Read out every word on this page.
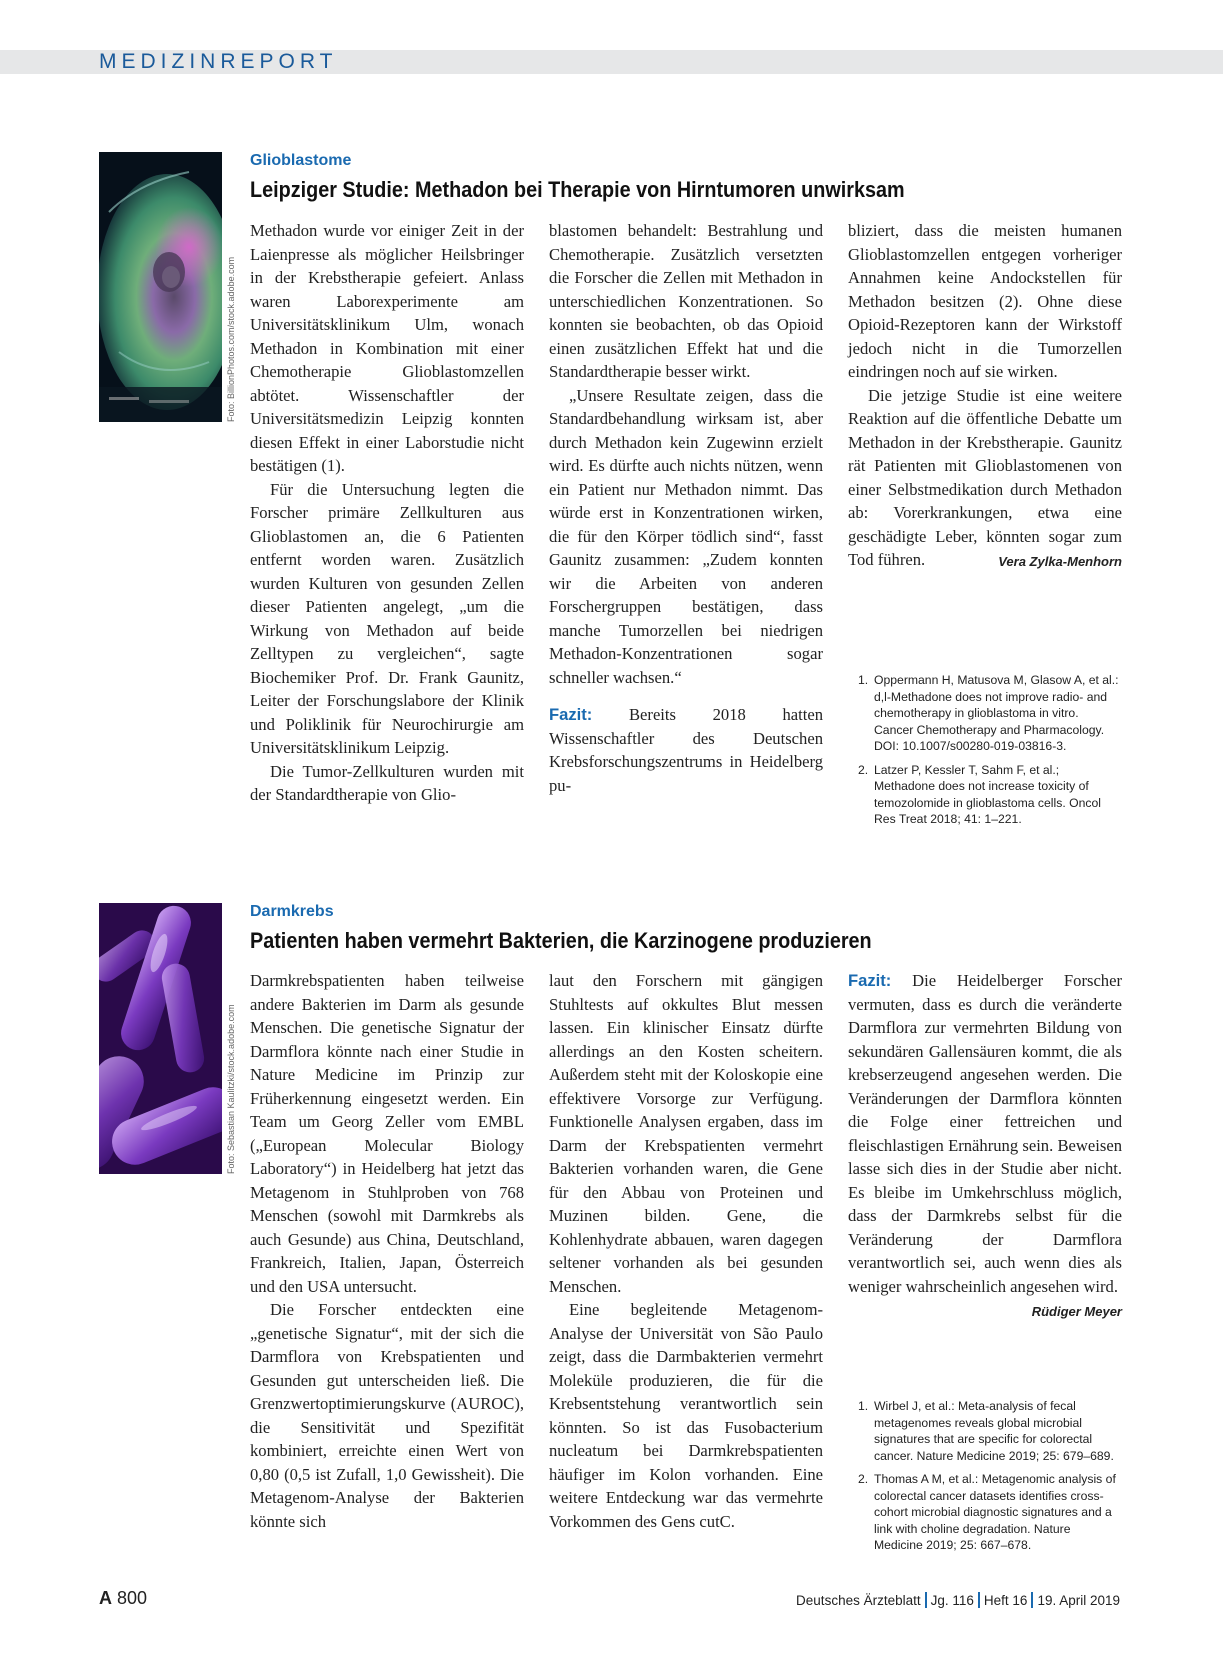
MEDIZINREPORT
Foto: BillionPhotos.com/stock.adobe.com
Glioblastome
Leipziger Studie: Methadon bei Therapie von Hirntumoren unwirksam

Methadon wurde vor einiger Zeit in der Laienpresse als möglicher Heilsbringer in der Krebstherapie gefeiert. Anlass waren Laborexperimente am Universitätsklinikum Ulm, wonach Methadon in Kombination mit einer Chemotherapie Glioblastomzellen abtötet. Wissenschaftler der Universitätsmedizin Leipzig konnten diesen Effekt in einer Laborstudie nicht bestätigen (1).

Für die Untersuchung legten die Forscher primäre Zellkulturen aus Glioblastomen an, die 6 Patienten entfernt worden waren. Zusätzlich wurden Kulturen von gesunden Zellen dieser Patienten angelegt, „um die Wirkung von Methadon auf beide Zelltypen zu vergleichen“, sagte Biochemiker Prof. Dr. Frank Gaunitz, Leiter der Forschungslabore der Klinik und Poliklinik für Neurochirurgie am Universitätsklinikum Leipzig.

Die Tumor-Zellkulturen wurden mit der Standardtherapie von Glio-

blastomen behandelt: Bestrahlung und Chemotherapie. Zusätzlich versetzten die Forscher die Zellen mit Methadon in unterschiedlichen Konzentrationen. So konnten sie beobachten, ob das Opioid einen zusätzlichen Effekt hat und die Standardtherapie besser wirkt.

„Unsere Resultate zeigen, dass die Standardbehandlung wirksam ist, aber durch Methadon kein Zugewinn erzielt wird. Es dürfte auch nichts nützen, wenn ein Patient nur Methadon nimmt. Das würde erst in Konzentrationen wirken, die für den Körper tödlich sind“, fasst Gaunitz zusammen: „Zudem konnten wir die Arbeiten von anderen Forschergruppen bestätigen, dass manche Tumorzellen bei niedrigen Methadon-Konzentrationen sogar schneller wachsen.“

Fazit: Bereits 2018 hatten Wissenschaftler des Deutschen Krebsforschungszentrums in Heidelberg pu-

bliziert, dass die meisten humanen Glioblastomzellen entgegen vorheriger Annahmen keine Andockstellen für Methadon besitzen (2). Ohne diese Opioid-Rezeptoren kann der Wirkstoff jedoch nicht in die Tumorzellen eindringen noch auf sie wirken.

Die jetzige Studie ist eine weitere Reaktion auf die öffentliche Debatte um Methadon in der Krebstherapie. Gaunitz rät Patienten mit Glioblastomenen von einer Selbstmedikation durch Methadon ab: Vorerkrankungen, etwa eine geschädigte Leber, könnten sogar zum Tod führen.	Vera Zylka-Menhorn

1. Oppermann H, Matusova M, Glasow A, et al.: d,l-Methadone does not improve radio- and chemotherapy in glioblastoma in vitro. Cancer Chemotherapy and Pharmacology. DOI: 10.1007/s00280-019-03816-3.
2. Latzer P, Kessler T, Sahm F, et al.; Methadone does not increase toxicity of temozolomide in glioblastoma cells. Oncol Res Treat 2018; 41: 1–221.
Foto: Sebastian Kaulitzki/stock.adobe.com
Darmkrebs
Patienten haben vermehrt Bakterien, die Karzinogene produzieren

Darmkrebspatienten haben teilweise andere Bakterien im Darm als gesunde Menschen. Die genetische Signatur der Darmflora könnte nach einer Studie in Nature Medicine im Prinzip zur Früherkennung eingesetzt werden. Ein Team um Georg Zeller vom EMBL („European Molecular Biology Laboratory“) in Heidelberg hat jetzt das Metagenom in Stuhlproben von 768 Menschen (sowohl mit Darmkrebs als auch Gesunde) aus China, Deutschland, Frankreich, Italien, Japan, Österreich und den USA untersucht.

Die Forscher entdeckten eine „genetische Signatur“, mit der sich die Darmflora von Krebspatienten und Gesunden gut unterscheiden ließ. Die Grenzwertoptimierungskurve (AUROC), die Sensitivität und Spezifität kombiniert, erreichte einen Wert von 0,80 (0,5 ist Zufall, 1,0 Gewissheit). Die Metagenom-Analyse der Bakterien könnte sich

laut den Forschern mit gängigen Stuhltests auf okkultes Blut messen lassen. Ein klinischer Einsatz dürfte allerdings an den Kosten scheitern. Außerdem steht mit der Koloskopie eine effektivere Vorsorge zur Verfügung. Funktionelle Analysen ergaben, dass im Darm der Krebspatienten vermehrt Bakterien vorhanden waren, die Gene für den Abbau von Proteinen und Muzinen bilden. Gene, die Kohlenhydrate abbauen, waren dagegen seltener vorhanden als bei gesunden Menschen.

Eine begleitende Metagenom-Analyse der Universität von São Paulo zeigt, dass die Darmbakterien vermehrt Moleküle produzieren, die für die Krebsentstehung verantwortlich sein könnten. So ist das Fusobacterium nucleatum bei Darmkrebspatienten häufiger im Kolon vorhanden. Eine weitere Entdeckung war das vermehrte Vorkommen des Gens cutC.

Fazit: Die Heidelberger Forscher vermuten, dass es durch die veränderte Darmflora zur vermehrten Bildung von sekundären Gallensäuren kommt, die als krebserzeugend angesehen werden. Die Veränderungen der Darmflora könnten die Folge einer fettreichen und fleischlastigen Ernährung sein. Beweisen lasse sich dies in der Studie aber nicht. Es bleibe im Umkehrschluss möglich, dass der Darmkrebs selbst für die Veränderung der Darmflora verantwortlich sei, auch wenn dies als weniger wahrscheinlich angesehen wird.
Rüdiger Meyer

1. Wirbel J, et al.: Meta-analysis of fecal metagenomes reveals global microbial signatures that are specific for colorectal cancer. Nature Medicine 2019; 25: 679–689.
2. Thomas A M, et al.: Metagenomic analysis of colorectal cancer datasets identifies cross-cohort microbial diagnostic signatures and a link with choline degradation. Nature Medicine 2019; 25: 667–678.
A 800	Deutsches Ärzteblatt Jg. 116 Heft 16 19. April 2019
